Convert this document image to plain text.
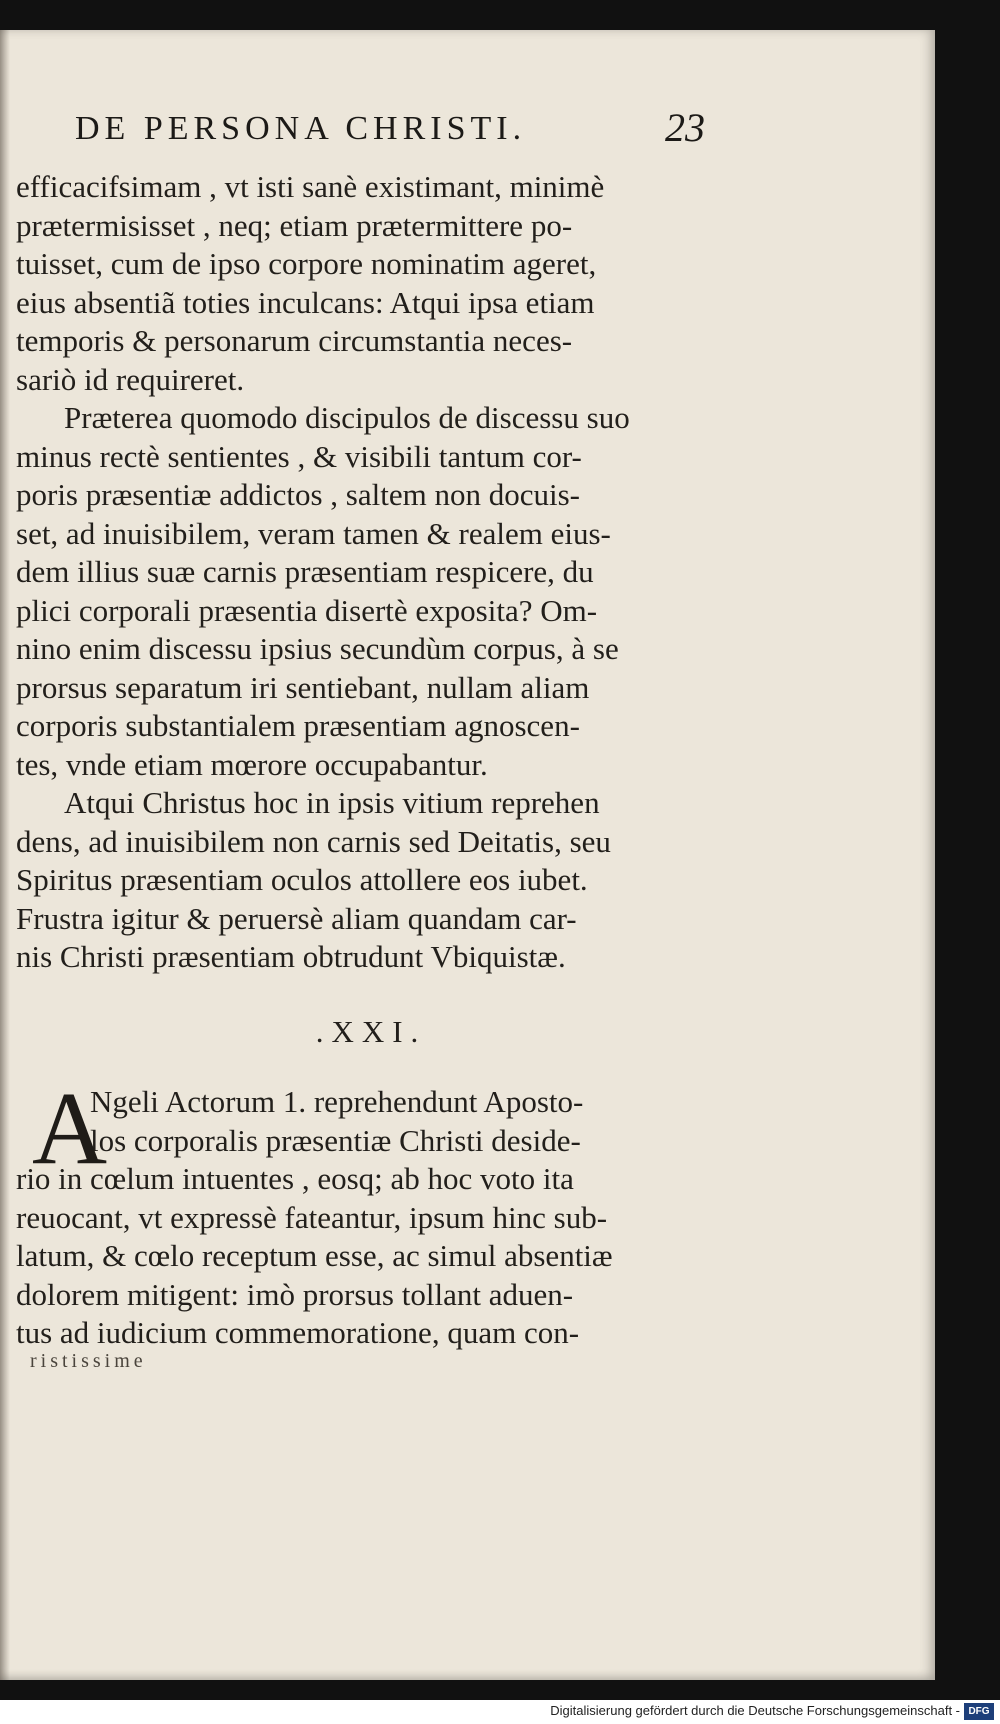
DE PERSONA CHRISTI.	23
efficacifsimam , vt isti sanè existimant, minimè
prætermisisset , neq; etiam prætermittere po-
tuisset, cum de ipso corpore nominatim ageret,
eius absentiã toties inculcans: Atqui ipsa etiam
temporis & personarum circumstantia neces-
sariò id requireret.
Prӕterea quomodo discipulos de discessu suo
minus rectè sentientes , & visibili tantum cor-
poris præsentiæ addictos , saltem non docuis-
set, ad inuisibilem, veram tamen & realem eius-
dem illius suæ carnis præsentiam respicere, du
plici corporali prӕsentia disertè exposita? Om-
nino enim discessu ipsius secundùm corpus, à se
prorsus separatum iri sentiebant, nullam aliam
corporis substantialem præsentiam agnoscen-
tes, vnde etiam mœrore occupabantur.
Atqui Christus hoc in ipsis vitium reprehen
dens, ad inuisibilem non carnis sed Deitatis, seu
Spiritus prӕsentiam oculos attollere eos iubet.
Frustra igitur & peruersè aliam quandam car-
nis Christi præsentiam obtrudunt Vbiquistæ.
.XXI.
A
Ngeli Actorum 1. reprehendunt Aposto-
los corporalis præsentiæ Christi deside-
rio in cœlum intuentes , eosq; ab hoc voto ita
reuocant, vt expressè fateantur, ipsum hinc sub-
latum, & cœlo receptum esse, ac simul absentiæ
dolorem mitigent: imò prorsus tollant aduen-
tus ad iudicium commemoratione, quam con-
ristissime
Digitalisierung gefördert durch die Deutsche Forschungsgemeinschaft - DFG
